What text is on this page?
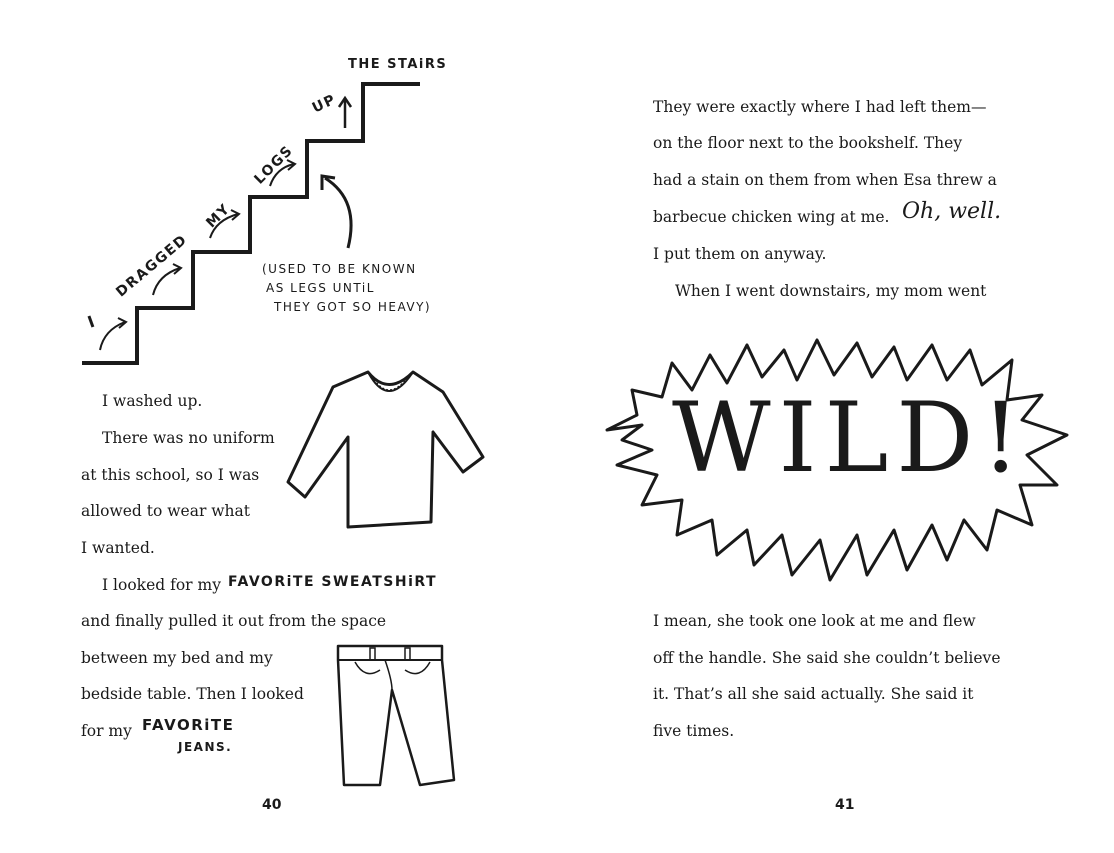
THE STAiRS
UP
LOGS
MY
DRAGGED
I
(USED TO BE KNOWN
AS LEGS UNTiL
THEY GOT SO HEAVY)
I washed up.
There was no uniform
at this school, so I was
allowed to wear what
I wanted.
I looked for my FAVORiTE SWEATSHiRT
and finally pulled it out from the space
between my bed and my
bedside table. Then I looked
for my FAVORiTE
JEANS.
40
They were exactly where I had left them—
on the floor next to the bookshelf. They
had a stain on them from when Esa threw a
barbecue chicken wing at me. Oh, well.
I put them on anyway.
When I went downstairs, my mom went
WILD!
I mean, she took one look at me and flew
off the handle. She said she couldn’t believe
it. That’s all she said actually. She said it
five times.
41
